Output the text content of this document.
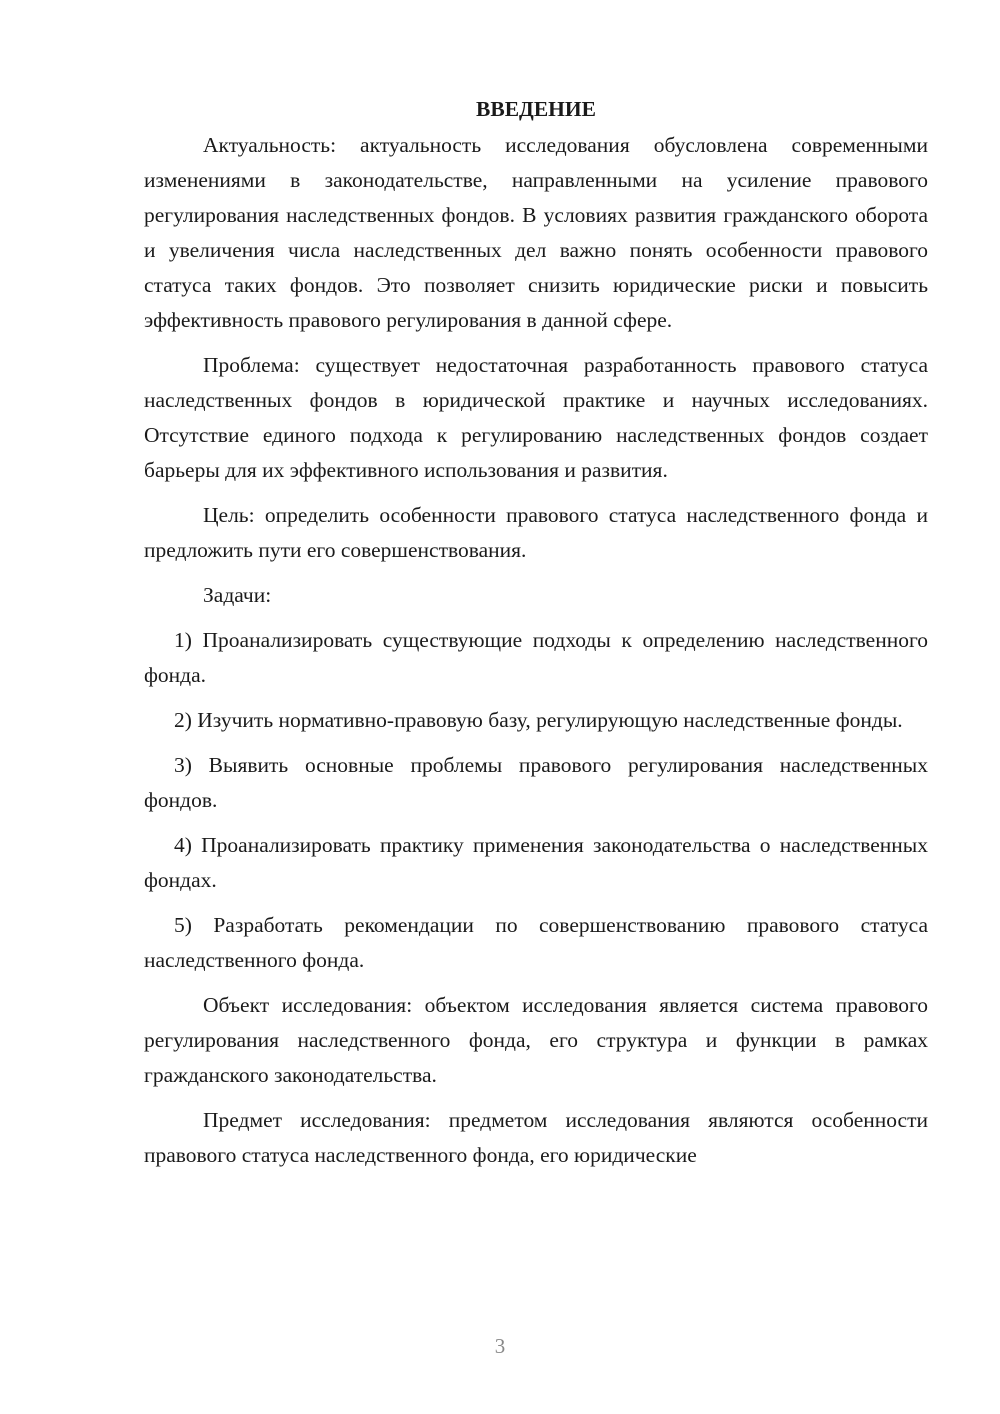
ВВЕДЕНИЕ

Актуальность: актуальность исследования обусловлена современными изменениями в законодательстве, направленными на усиление правового регулирования наследственных фондов. В условиях развития гражданского оборота и увеличения числа наследственных дел важно понять особенности правового статуса таких фондов. Это позволяет снизить юридические риски и повысить эффективность правового регулирования в данной сфере.

Проблема: существует недостаточная разработанность правового статуса наследственных фондов в юридической практике и научных исследованиях. Отсутствие единого подхода к регулированию наследственных фондов создает барьеры для их эффективного использования и развития.

Цель: определить особенности правового статуса наследственного фонда и предложить пути его совершенствования.

Задачи:

1) Проанализировать существующие подходы к определению наследственного фонда.

2) Изучить нормативно-правовую базу, регулирующую наследственные фонды.

3) Выявить основные проблемы правового регулирования наследственных фондов.

4) Проанализировать практику применения законодательства о наследственных фондах.

5) Разработать рекомендации по совершенствованию правового статуса наследственного фонда.

Объект исследования: объектом исследования является система правового регулирования наследственного фонда, его структура и функции в рамках гражданского законодательства.

Предмет исследования: предметом исследования являются особенности правового статуса наследственного фонда, его юридические

3
